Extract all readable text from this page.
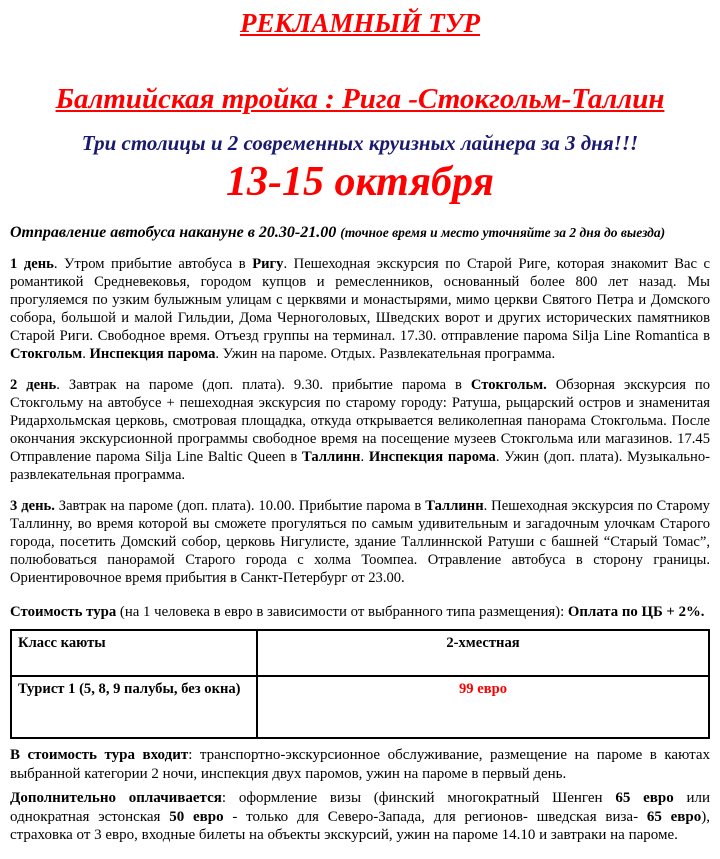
РЕКЛАМНЫЙ ТУР
Балтийская тройка : Рига -Стокгольм-Таллин
Три столицы и 2 современных круизных лайнера за 3 дня!!!
13-15 октября
Отправление автобуса накануне в 20.30-21.00 (точное время и место уточняйте за 2 дня до выезда)
1 день. Утром прибытие автобуса в Ригу. Пешеходная экскурсия по Старой Риге, которая знакомит Вас с романтикой Средневековья, городом купцов и ремесленников, основанный более 800 лет назад. Мы прогуляемся по узким булыжным улицам с церквями и монастырями, мимо церкви Святого Петра и Домского собора, большой и малой Гильдии, Дома Черноголовых, Шведских ворот и других исторических памятников Старой Риги. Свободное время. Отъезд группы на терминал. 17.30. отправление парома Silja Line Romantica в Стокгольм. Инспекция парома. Ужин на пароме. Отдых. Развлекательная программа.
2 день. Завтрак на пароме (доп. плата). 9.30. прибытие парома в Стокгольм. Обзорная экскурсия по Стокгольму на автобусе + пешеходная экскурсия по старому городу: Ратуша, рыцарский остров и знаменитая Ридархольмская церковь, смотровая площадка, откуда открывается великолепная панорама Стокгольма. После окончания экскурсионной программы свободное время на посещение музеев Стокгольма или магазинов. 17.45 Отправление парома Silja Line Baltic Queen в Таллинн. Инспекция парома. Ужин (доп. плата). Музыкально-развлекательная программа.
3 день. Завтрак на пароме (доп. плата). 10.00. Прибытие парома в Таллинн. Пешеходная экскурсия по Старому Таллинну, во время которой вы сможете прогуляться по самым удивительным и загадочным улочкам Старого города, посетить Домский собор, церковь Нигулисте, здание Таллиннской Ратуши с башней “Старый Томас”, полюбоваться панорамой Старого города с холма Тоомпеа. Отравление автобуса в сторону границы. Ориентировочное время прибытия в Санкт-Петербург от 23.00.
Стоимость тура (на 1 человека в евро в зависимости от выбранного типа размещения): Оплата по ЦБ + 2%.
Класс каюты	2-хместная
Турист 1 (5, 8, 9 палубы, без окна)	99 евро
В стоимость тура входит: транспортно-экскурсионное обслуживание, размещение на пароме в каютах выбранной категории 2 ночи, инспекция двух паромов, ужин на пароме в первый день.
Дополнительно оплачивается: оформление визы (финский многократный Шенген 65 евро или однократная эстонская 50 евро - только для Северо-Запада, для регионов- шведская виза- 65 евро), страховка от 3 евро, входные билеты на объекты экскурсий, ужин на пароме 14.10 и завтраки на пароме.
